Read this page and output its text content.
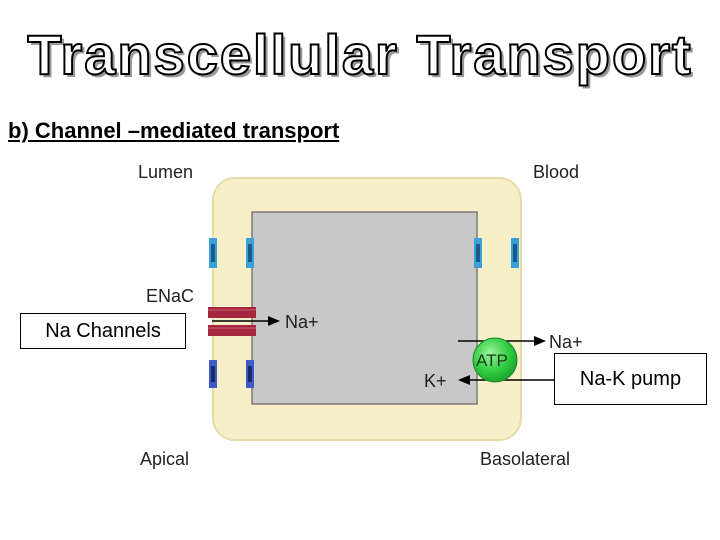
Transcellular Transport
b) Channel –mediated transport
Lumen	Blood
ENaC
Na+
Na+
ATP
K+
Apical	Basolateral
Na Channels
Na-K pump
